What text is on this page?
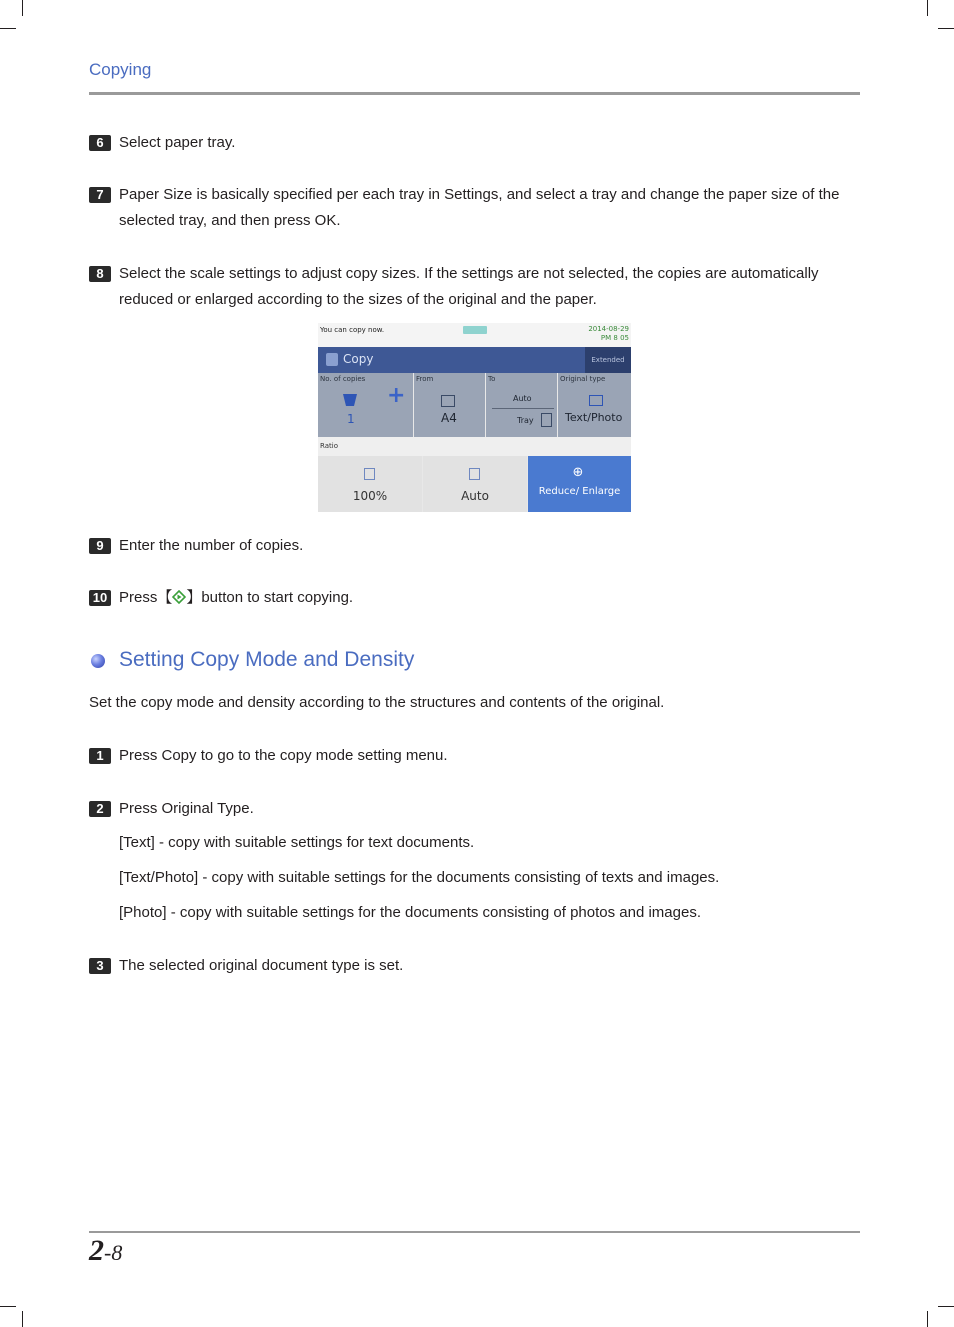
Copying
6	Select paper tray.
7	Paper Size is basically specified per each tray in Settings, and select a tray and change the paper size of the selected tray, and then press OK.
8	Select the scale settings to adjust copy sizes. If the settings are not selected, the copies are automatically reduced or enlarged according to the sizes of the original and the paper.
You can copy now.	2014-08-29
PM 8 05
Copy	Extended
No. of copies
1
+
From
A4
To
Auto
Tray
Original type
Text/Photo
Ratio
100%	Auto
⊕
Reduce/ Enlarge
9	Enter the number of copies.
10 Press【 】button to start copying.
Setting Copy Mode and Density
Set the copy mode and density according to the structures and contents of the original.
1	Press Copy to go to the copy mode setting menu.
2	Press Original Type.
[Text] - copy with suitable settings for text documents.
[Text/Photo] - copy with suitable settings for the documents consisting of texts and images.
[Photo] - copy with suitable settings for the documents consisting of photos and images.
3	The selected original document type is set.
2-8
